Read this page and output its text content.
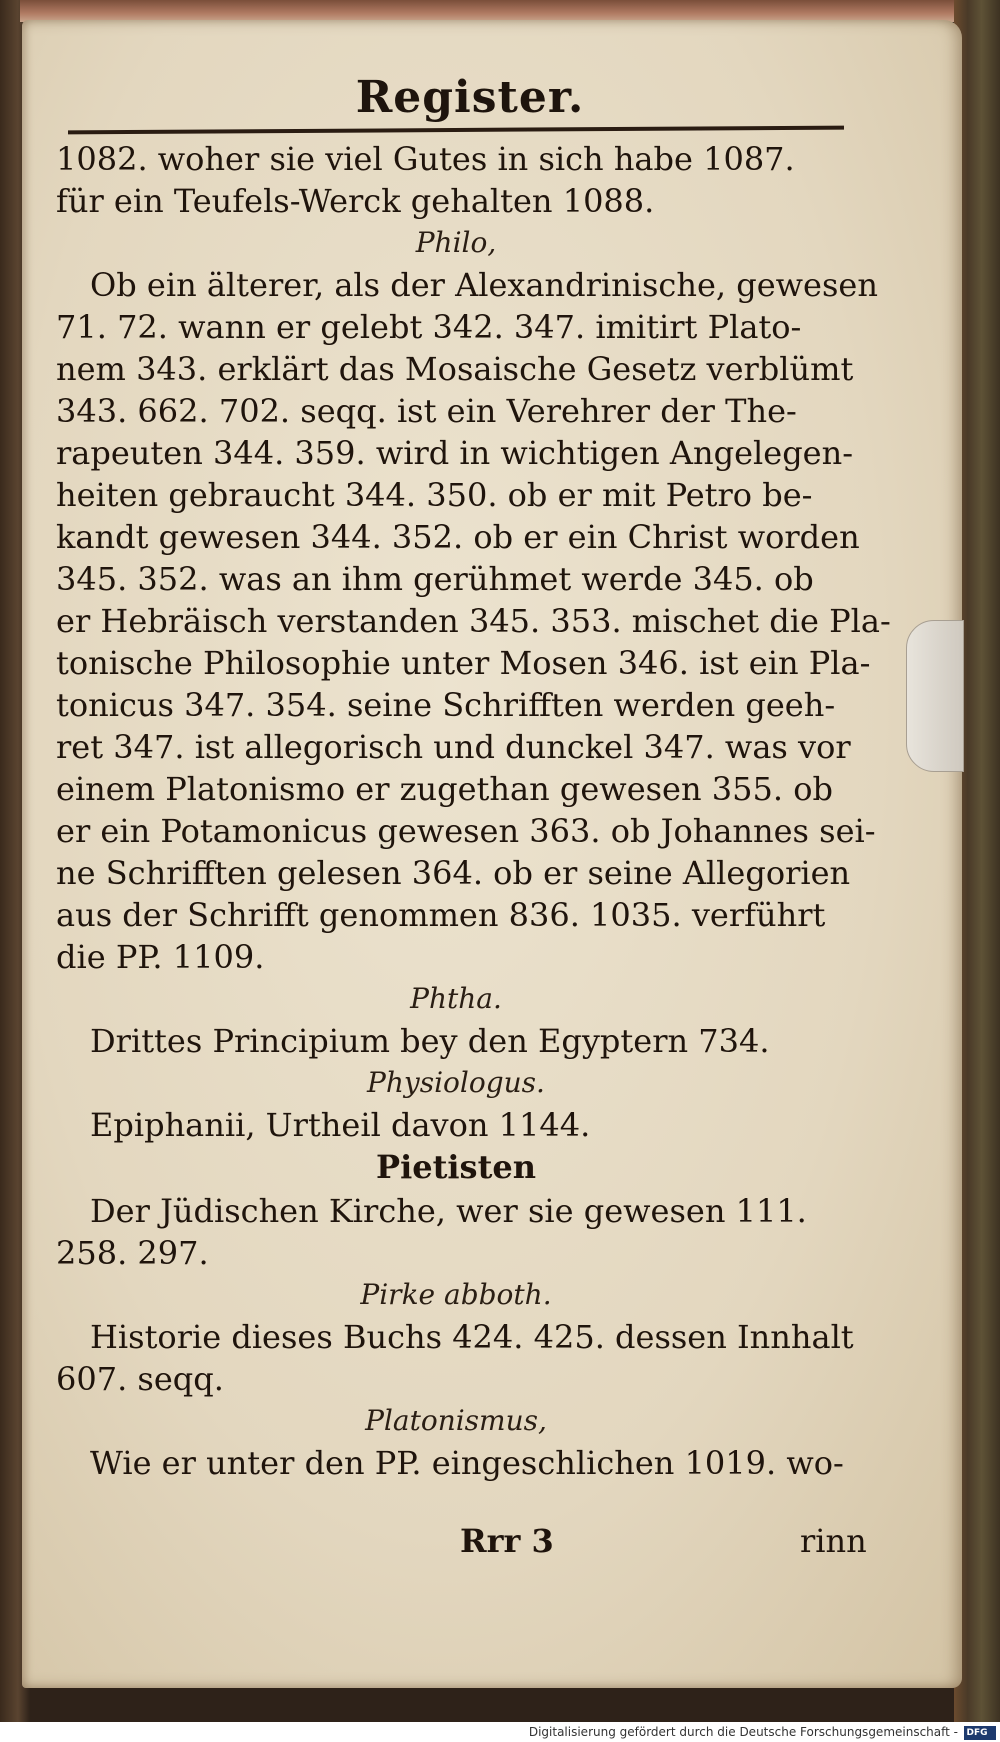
Register.
1082. woher sie viel Gutes in sich habe 1087.
für ein Teufels-Werck gehalten 1088.
Philo,
Ob ein älterer, als der Alexandrinische, gewesen
71. 72. wann er gelebt 342. 347. imitirt Plato-
nem 343. erklärt das Mosaische Gesetz verblümt
343. 662. 702. seqq. ist ein Verehrer der The-
rapeuten 344. 359. wird in wichtigen Angelegen-
heiten gebraucht 344. 350. ob er mit Petro be-
kandt gewesen 344. 352. ob er ein Christ worden
345. 352. was an ihm gerühmet werde 345. ob
er Hebräisch verstanden 345. 353. mischet die Pla-
tonische Philosophie unter Mosen 346. ist ein Pla-
tonicus 347. 354. seine Schrifften werden geeh-
ret 347. ist allegorisch und dunckel 347. was vor
einem Platonismo er zugethan gewesen 355. ob
er ein Potamonicus gewesen 363. ob Johannes sei-
ne Schrifften gelesen 364. ob er seine Allegorien
aus der Schrifft genommen 836. 1035. verführt
die PP. 1109.
Phtha.
Drittes Principium bey den Egyptern 734.
Physiologus.
Epiphanii, Urtheil davon 1144.
Pietisten
Der Jüdischen Kirche, wer sie gewesen 111.
258. 297.
Pirke abboth.
Historie dieses Buchs 424. 425. dessen Innhalt
607. seqq.
Platonismus,
Wie er unter den PP. eingeschlichen 1019. wo-
Rrr 3	rinn
Digitalisierung gefördert durch die Deutsche Forschungsgemeinschaft - DFG
